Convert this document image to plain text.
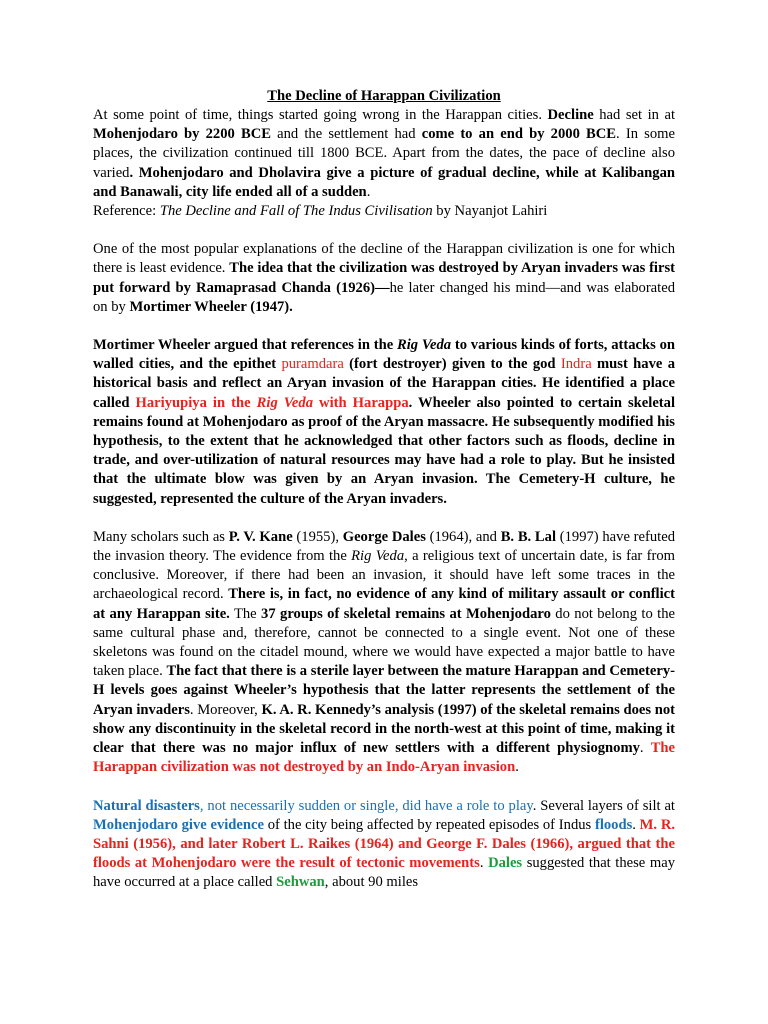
The Decline of Harappan Civilization

At some point of time, things started going wrong in the Harappan cities. Decline had set in at Mohenjodaro by 2200 BCE and the settlement had come to an end by 2000 BCE. In some places, the civilization continued till 1800 BCE. Apart from the dates, the pace of decline also varied. Mohenjodaro and Dholavira give a picture of gradual decline, while at Kalibangan and Banawali, city life ended all of a sudden.

Reference: The Decline and Fall of The Indus Civilisation by Nayanjot Lahiri

One of the most popular explanations of the decline of the Harappan civilization is one for which there is least evidence. The idea that the civilization was destroyed by Aryan invaders was first put forward by Ramaprasad Chanda (1926)—he later changed his mind—and was elaborated on by Mortimer Wheeler (1947).

Mortimer Wheeler argued that references in the Rig Veda to various kinds of forts, attacks on walled cities, and the epithet puramdara (fort destroyer) given to the god Indra must have a historical basis and reflect an Aryan invasion of the Harappan cities. He identified a place called Hariyupiya in the Rig Veda with Harappa. Wheeler also pointed to certain skeletal remains found at Mohenjodaro as proof of the Aryan massacre. He subsequently modified his hypothesis, to the extent that he acknowledged that other factors such as floods, decline in trade, and over-utilization of natural resources may have had a role to play. But he insisted that the ultimate blow was given by an Aryan invasion. The Cemetery-H culture, he suggested, represented the culture of the Aryan invaders.

Many scholars such as P. V. Kane (1955), George Dales (1964), and B. B. Lal (1997) have refuted the invasion theory. The evidence from the Rig Veda, a religious text of uncertain date, is far from conclusive. Moreover, if there had been an invasion, it should have left some traces in the archaeological record. There is, in fact, no evidence of any kind of military assault or conflict at any Harappan site. The 37 groups of skeletal remains at Mohenjodaro do not belong to the same cultural phase and, therefore, cannot be connected to a single event. Not one of these skeletons was found on the citadel mound, where we would have expected a major battle to have taken place. The fact that there is a sterile layer between the mature Harappan and Cemetery-H levels goes against Wheeler’s hypothesis that the latter represents the settlement of the Aryan invaders. Moreover, K. A. R. Kennedy’s analysis (1997) of the skeletal remains does not show any discontinuity in the skeletal record in the north-west at this point of time, making it clear that there was no major influx of new settlers with a different physiognomy. The Harappan civilization was not destroyed by an Indo-Aryan invasion.

Natural disasters, not necessarily sudden or single, did have a role to play. Several layers of silt at Mohenjodaro give evidence of the city being affected by repeated episodes of Indus floods. M. R. Sahni (1956), and later Robert L. Raikes (1964) and George F. Dales (1966), argued that the floods at Mohenjodaro were the result of tectonic movements. Dales suggested that these may have occurred at a place called Sehwan, about 90 miles
